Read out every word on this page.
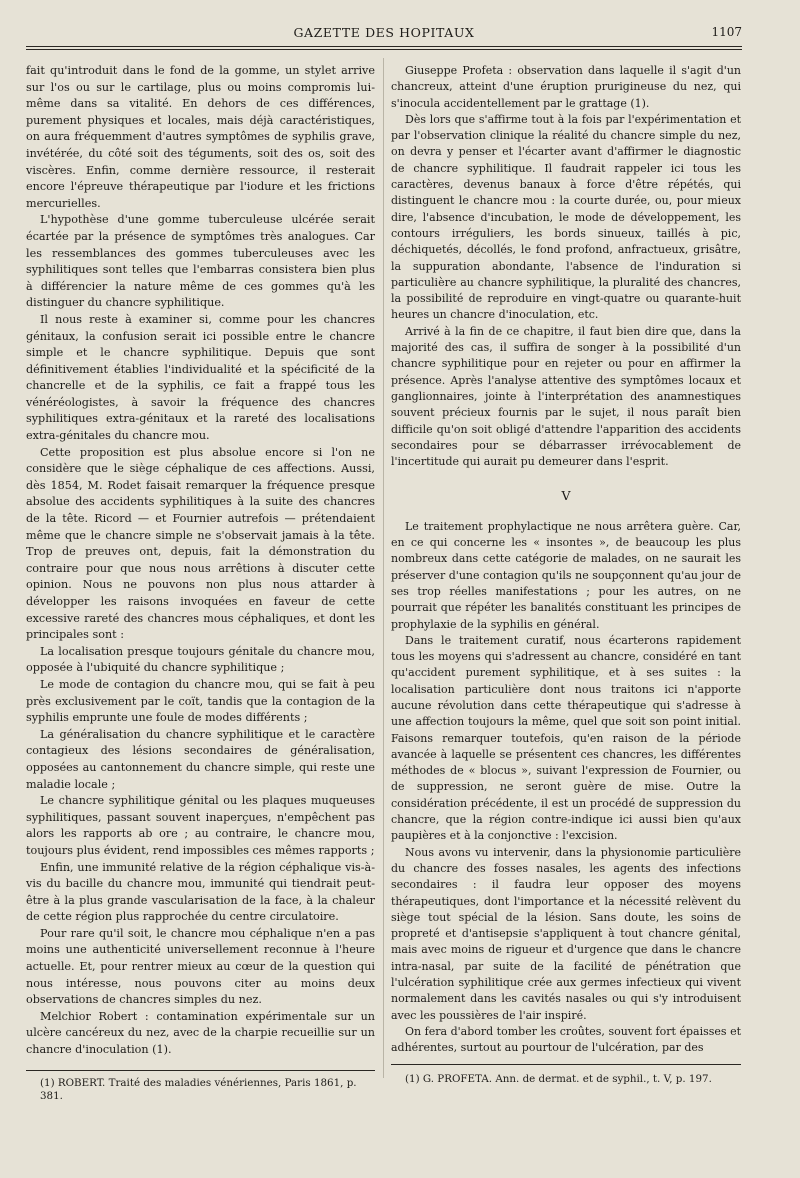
GAZETTE DES HOPITAUX	1107

fait qu'introduit dans le fond de la gomme, un stylet arrive sur l'os ou sur le cartilage, plus ou moins compromis lui-même dans sa vitalité. En dehors de ces différences, purement physiques et locales, mais déjà caractéristiques, on aura fréquemment d'autres symptômes de syphilis grave, invétérée, du côté soit des téguments, soit des os, soit des viscères. Enfin, comme dernière ressource, il resterait encore l'épreuve thérapeutique par l'iodure et les frictions mercurielles.

L'hypothèse d'une gomme tuberculeuse ulcérée serait écartée par la présence de symptômes très analogues. Car les ressemblances des gommes tuberculeuses avec les syphilitiques sont telles que l'embarras consistera bien plus à différencier la nature même de ces gommes qu'à les distinguer du chancre syphilitique.

Il nous reste à examiner si, comme pour les chancres génitaux, la confusion serait ici possible entre le chancre simple et le chancre syphilitique. Depuis que sont définitivement établies l'individualité et la spécificité de la chancrelle et de la syphilis, ce fait a frappé tous les vénéréologistes, à savoir la fréquence des chancres syphilitiques extra-génitaux et la rareté des localisations extra-génitales du chancre mou.

Cette proposition est plus absolue encore si l'on ne considère que le siège céphalique de ces affections. Aussi, dès 1854, M. Rodet faisait remarquer la fréquence presque absolue des accidents syphilitiques à la suite des chancres de la tête. Ricord — et Fournier autrefois — prétendaient même que le chancre simple ne s'observait jamais à la tête. Trop de preuves ont, depuis, fait la démonstration du contraire pour que nous nous arrêtions à discuter cette opinion. Nous ne pouvons non plus nous attarder à développer les raisons invoquées en faveur de cette excessive rareté des chancres mous céphaliques, et dont les principales sont :

La localisation presque toujours génitale du chancre mou, opposée à l'ubiquité du chancre syphilitique ;

Le mode de contagion du chancre mou, qui se fait à peu près exclusivement par le coït, tandis que la contagion de la syphilis emprunte une foule de modes différents ;

La généralisation du chancre syphilitique et le caractère contagieux des lésions secondaires de généralisation, opposées au cantonnement du chancre simple, qui reste une maladie locale ;

Le chancre syphilitique génital ou les plaques muqueuses syphilitiques, passant souvent inaperçues, n'empêchent pas alors les rapports ab ore ; au contraire, le chancre mou, toujours plus évident, rend impossibles ces mêmes rapports ;

Enfin, une immunité relative de la région céphalique vis-à-vis du bacille du chancre mou, immunité qui tiendrait peut-être à la plus grande vascularisation de la face, à la chaleur de cette région plus rapprochée du centre circulatoire.

Pour rare qu'il soit, le chancre mou céphalique n'en a pas moins une authenticité universellement reconnue à l'heure actuelle. Et, pour rentrer mieux au cœur de la question qui nous intéresse, nous pouvons citer au moins deux observations de chancres simples du nez.

Melchior Robert : contamination expérimentale sur un ulcère cancéreux du nez, avec de la charpie recueillie sur un chancre d'inoculation (1).

(1) ROBERT. Traité des maladies vénériennes, Paris 1861, p. 381.

Giuseppe Profeta : observation dans laquelle il s'agit d'un chancreux, atteint d'une éruption prurigineuse du nez, qui s'inocula accidentellement par le grattage (1).

Dès lors que s'affirme tout à la fois par l'expérimentation et par l'observation clinique la réalité du chancre simple du nez, on devra y penser et l'écarter avant d'affirmer le diagnostic de chancre syphilitique. Il faudrait rappeler ici tous les caractères, devenus banaux à force d'être répétés, qui distinguent le chancre mou : la courte durée, ou, pour mieux dire, l'absence d'incubation, le mode de développement, les contours irréguliers, les bords sinueux, taillés à pic, déchiquetés, décollés, le fond profond, anfractueux, grisâtre, la suppuration abondante, l'absence de l'induration si particulière au chancre syphilitique, la pluralité des chancres, la possibilité de reproduire en vingt-quatre ou quarante-huit heures un chancre d'inoculation, etc.

Arrivé à la fin de ce chapitre, il faut bien dire que, dans la majorité des cas, il suffira de songer à la possibilité d'un chancre syphilitique pour en rejeter ou pour en affirmer la présence. Après l'analyse attentive des symptômes locaux et ganglionnaires, jointe à l'interprétation des anamnestiques souvent précieux fournis par le sujet, il nous paraît bien difficile qu'on soit obligé d'attendre l'apparition des accidents secondaires pour se débarrasser irrévocablement de l'incertitude qui aurait pu demeurer dans l'esprit.

V

Le traitement prophylactique ne nous arrêtera guère. Car, en ce qui concerne les « insontes », de beaucoup les plus nombreux dans cette catégorie de malades, on ne saurait les préserver d'une contagion qu'ils ne soupçonnent qu'au jour de ses trop réelles manifestations ; pour les autres, on ne pourrait que répéter les banalités constituant les principes de prophylaxie de la syphilis en général.

Dans le traitement curatif, nous écarterons rapidement tous les moyens qui s'adressent au chancre, considéré en tant qu'accident purement syphilitique, et à ses suites : la localisation particulière dont nous traitons ici n'apporte aucune révolution dans cette thérapeutique qui s'adresse à une affection toujours la même, quel que soit son point initial. Faisons remarquer toutefois, qu'en raison de la période avancée à laquelle se présentent ces chancres, les différentes méthodes de « blocus », suivant l'expression de Fournier, ou de suppression, ne seront guère de mise. Outre la considération précédente, il est un procédé de suppression du chancre, que la région contre-indique ici aussi bien qu'aux paupières et à la conjonctive : l'excision.

Nous avons vu intervenir, dans la physionomie particulière du chancre des fosses nasales, les agents des infections secondaires : il faudra leur opposer des moyens thérapeutiques, dont l'importance et la nécessité relèvent du siège tout spécial de la lésion. Sans doute, les soins de propreté et d'antisepsie s'appliquent à tout chancre génital, mais avec moins de rigueur et d'urgence que dans le chancre intra-nasal, par suite de la facilité de pénétration que l'ulcération syphilitique crée aux germes infectieux qui vivent normalement dans les cavités nasales ou qui s'y introduisent avec les poussières de l'air inspiré.

On fera d'abord tomber les croûtes, souvent fort épaisses et adhérentes, surtout au pourtour de l'ulcération, par des

(1) G. PROFETA. Ann. de dermat. et de syphil., t. V, p. 197.
